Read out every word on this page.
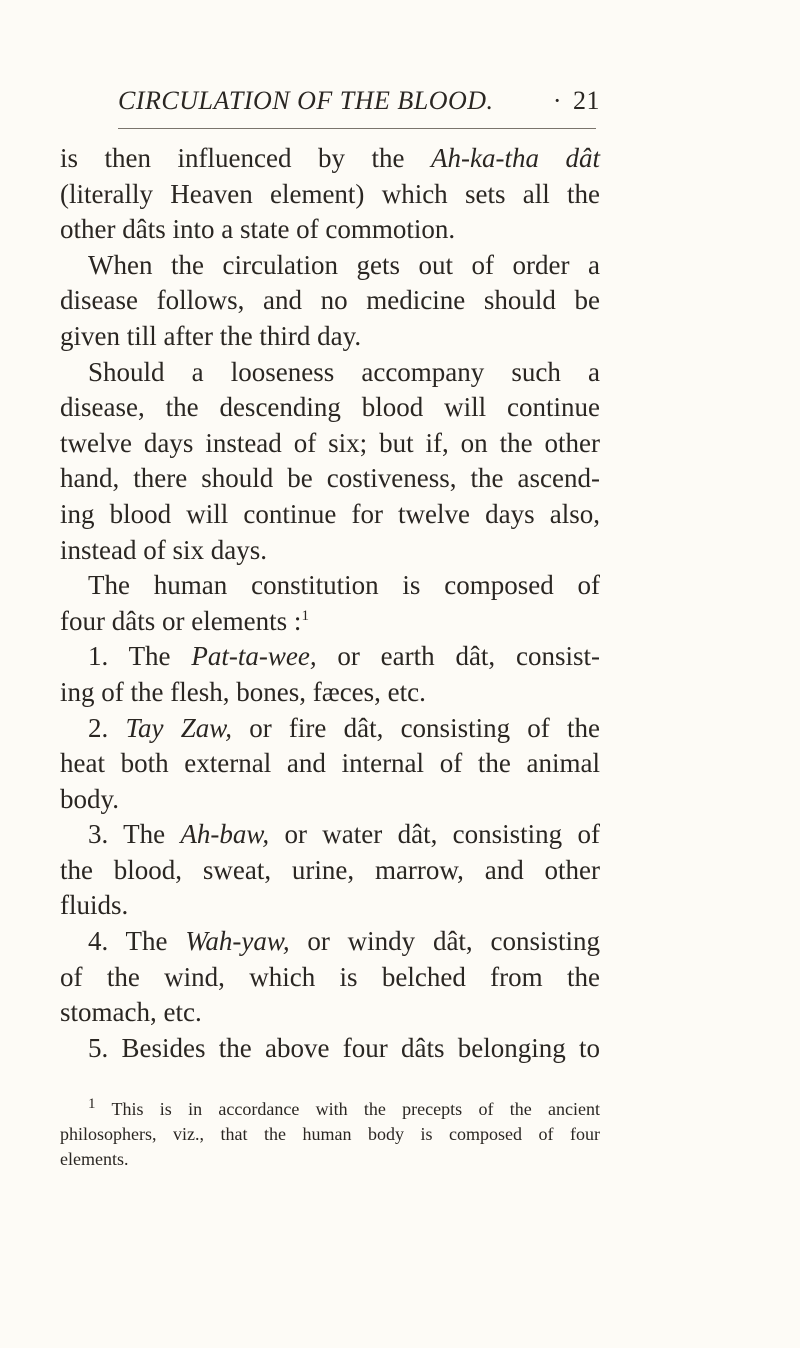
CIRCULATION OF THE BLOOD. · 21
is then influenced by the Ah-ka-tha dât
(literally Heaven element) which sets all the
other dâts into a state of commotion.
When the circulation gets out of order a
disease follows, and no medicine should be
given till after the third day.
Should a looseness accompany such a
disease, the descending blood will continue
twelve days instead of six; but if, on the other
hand, there should be costiveness, the ascend-
ing blood will continue for twelve days also,
instead of six days.
The human constitution is composed of
four dâts or elements :$^1$
1. The Pat-ta-wee, or earth dât, consist-
ing of the flesh, bones, fæces, etc.
2. Tay Zaw, or fire dât, consisting of the
heat both external and internal of the animal
body.
3. The Ah-baw, or water dât, consisting of
the blood, sweat, urine, marrow, and other
fluids.
4. The Wah-yaw, or windy dât, consisting
of the wind, which is belched from the
stomach, etc.
5. Besides the above four dâts belonging to
$^1$ This is in accordance with the precepts of the ancient
philosophers, viz., that the human body is composed of four
elements.
